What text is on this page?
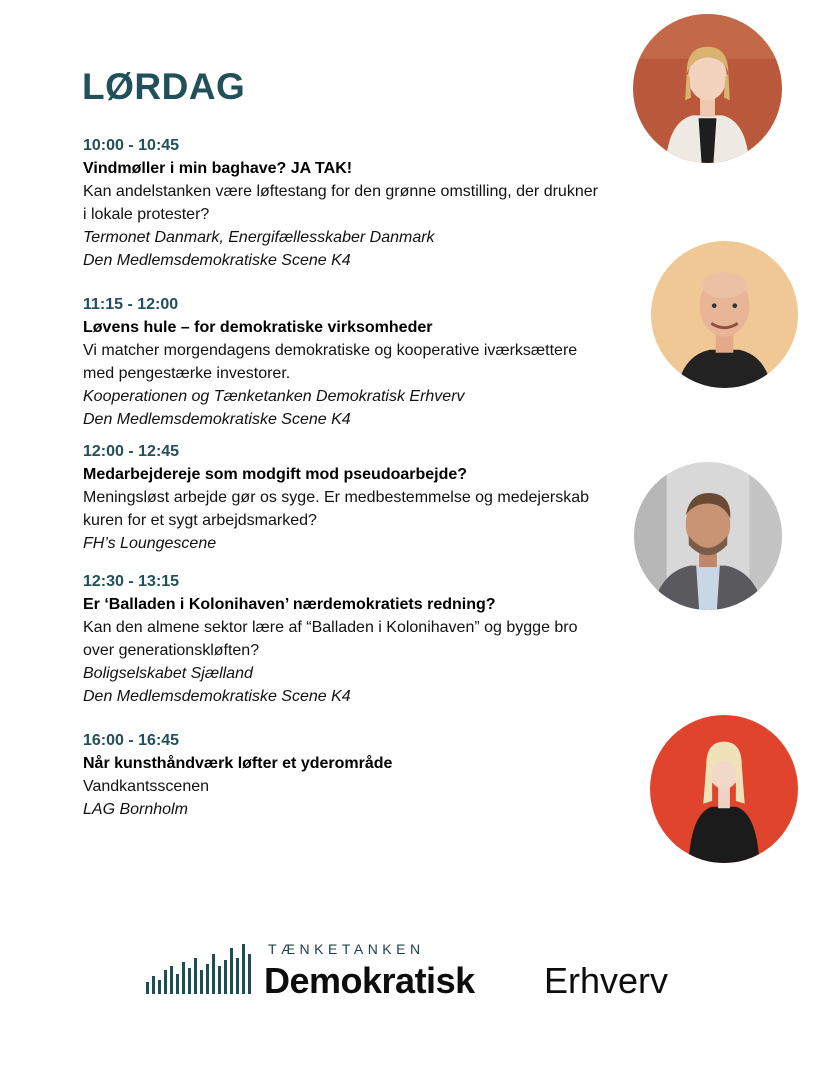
LØRDAG
10:00 - 10:45
Vindmøller i min baghave? JA TAK!
Kan andelstanken være løftestang for den grønne omstilling, der drukner
i lokale protester?
Termonet Danmark, Energifællesskaber Danmark
Den Medlemsdemokratiske Scene K4
11:15 - 12:00
Løvens hule – for demokratiske virksomheder
Vi matcher morgendagens demokratiske og kooperative iværksættere
med pengestærke investorer.
Kooperationen og Tænketanken Demokratisk Erhverv
Den Medlemsdemokratiske Scene K4
12:00 - 12:45
Medarbejdereje som modgift mod pseudoarbejde?
Meningsløst arbejde gør os syge. Er medbestemmelse og medejerskab
kuren for et sygt arbejdsmarked?
FH’s Loungescene
12:30 - 13:15
Er ‘Balladen i Kolonihaven’ nærdemokratiets redning?
Kan den almene sektor lære af “Balladen i Kolonihaven” og bygge bro
over generationskløften?
Boligselskabet Sjælland
Den Medlemsdemokratiske Scene K4
16:00 - 16:45
Når kunsthåndværk løfter et yderområde
Vandkantsscenen
LAG Bornholm
TÆNKETANKEN
Demokratisk Erhverv
